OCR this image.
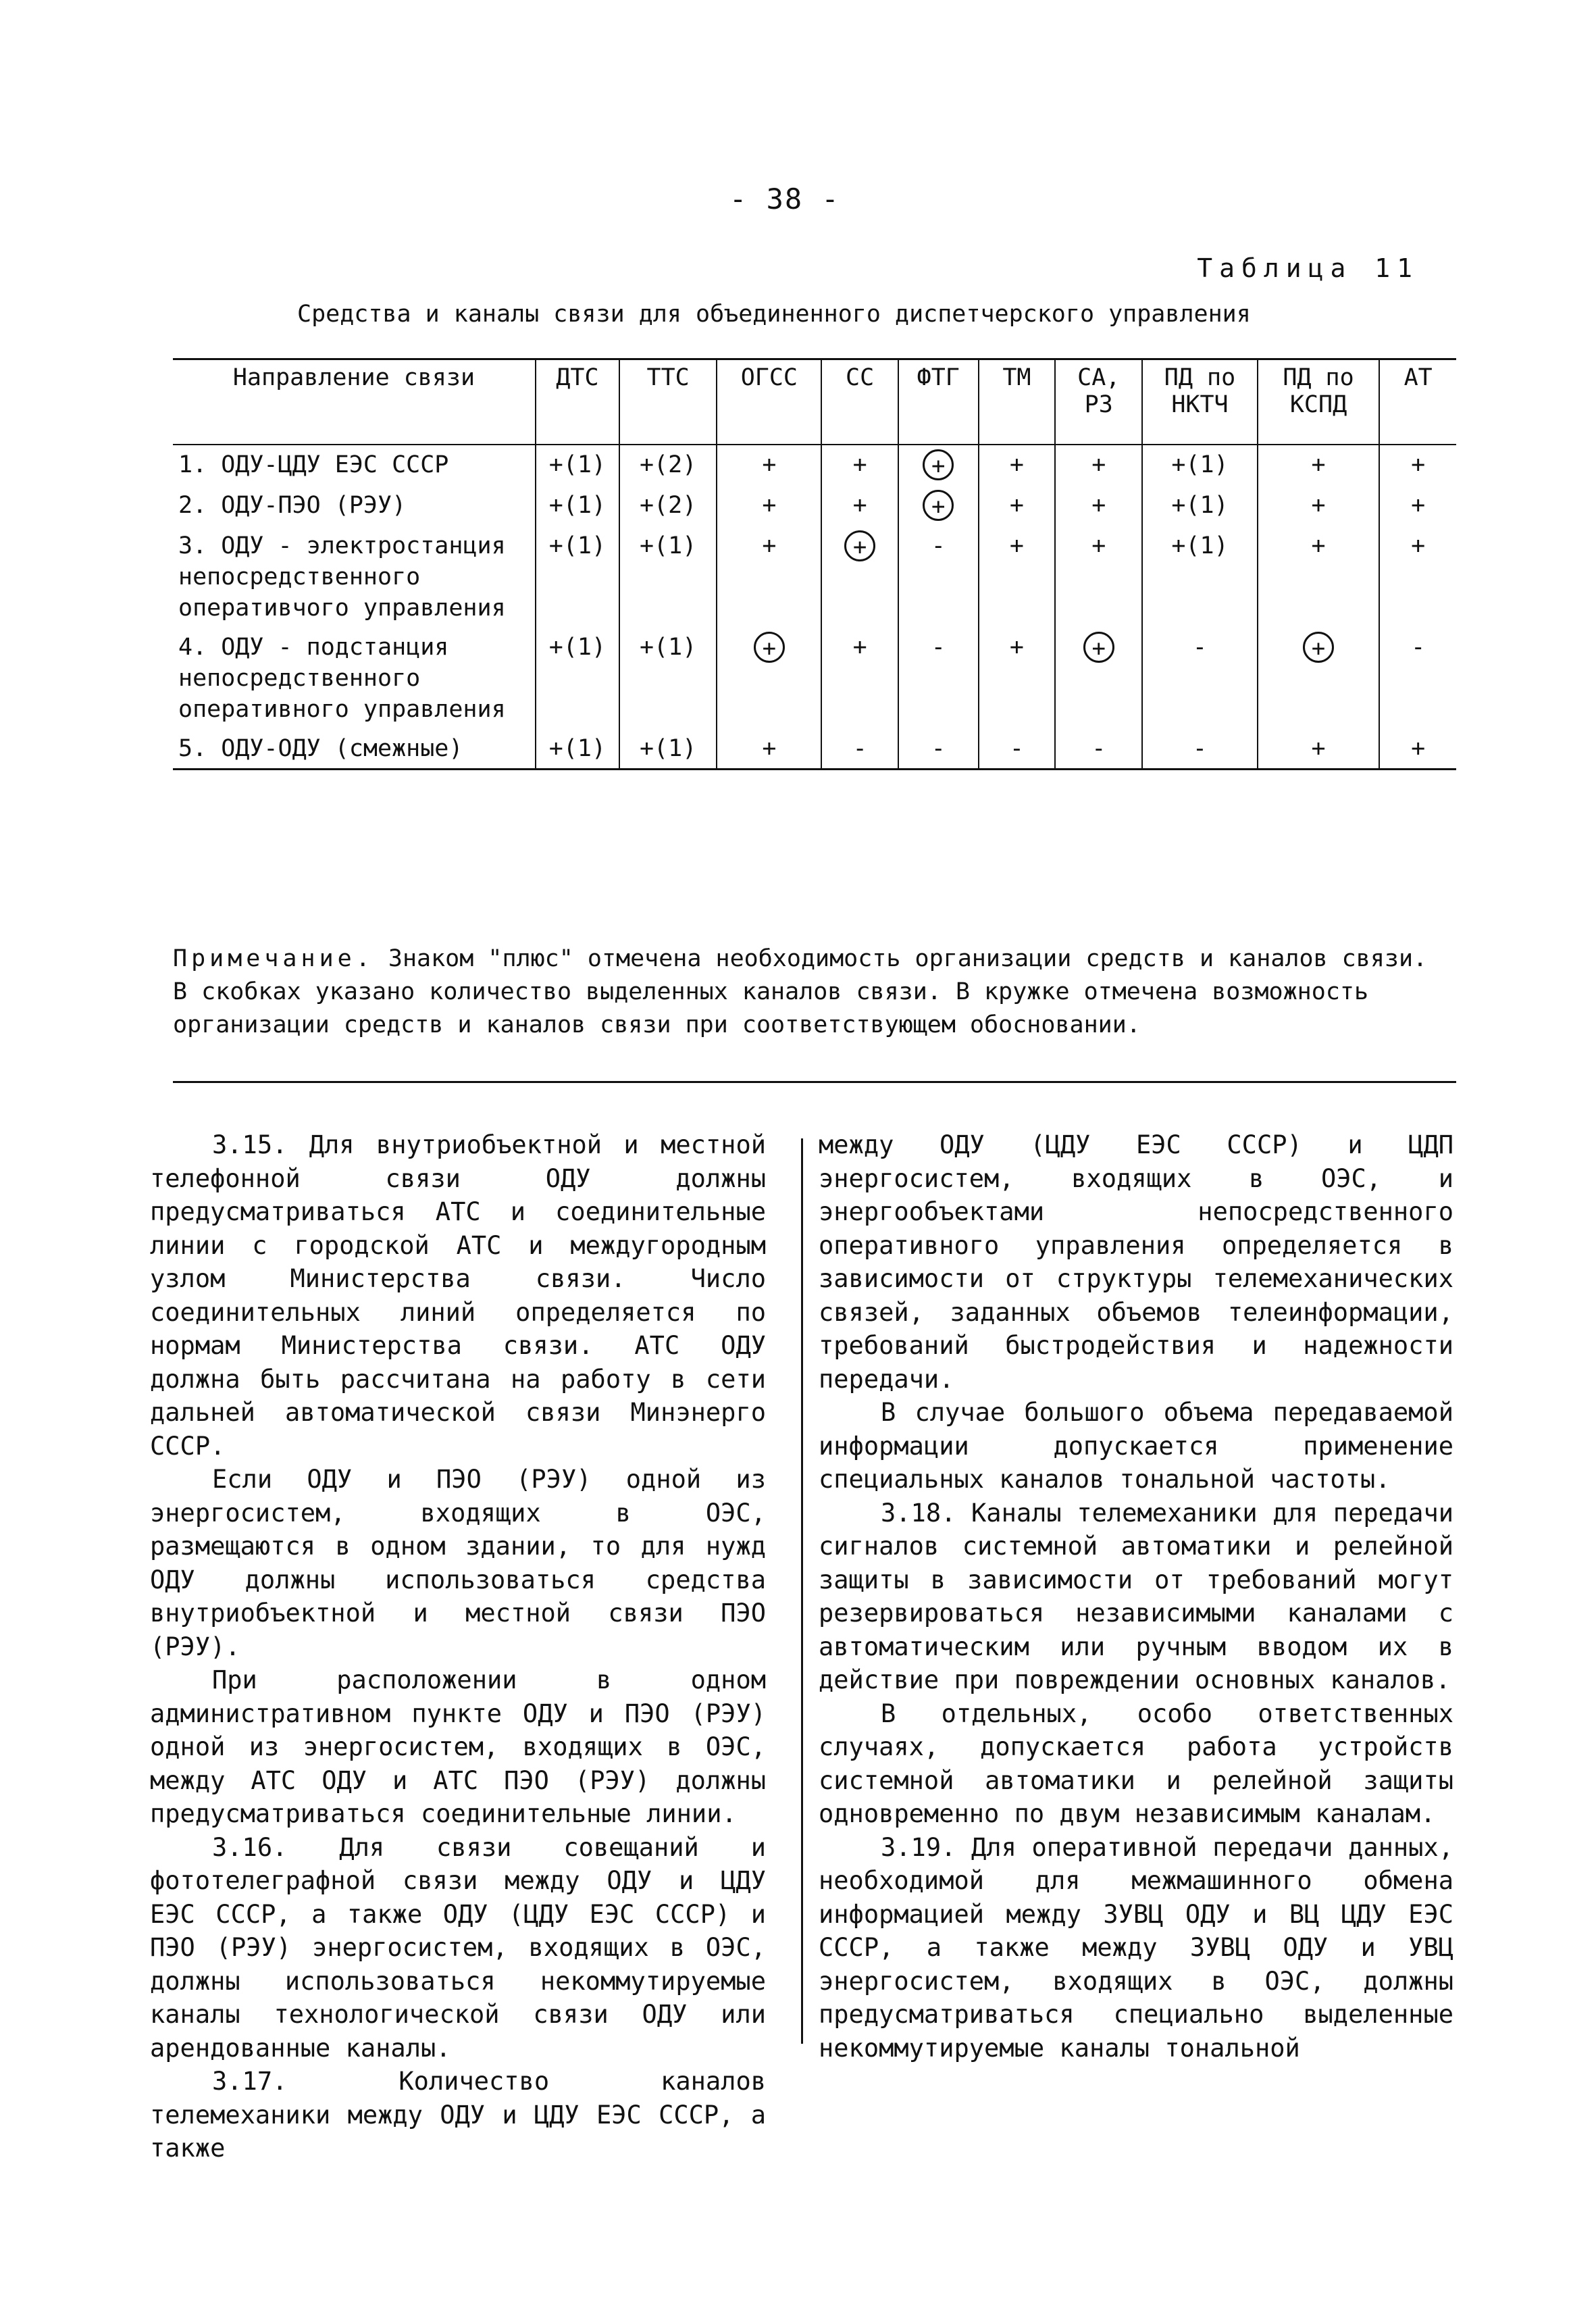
- 38 -
Таблица 11
Средства и каналы связи для объединенного диспетчерского управления
Направление связи	ДТС	ТТС	ОГСС	СС	ФТГ	ТМ	СА, РЗ	ПД по НКТЧ	ПД по КСПД	АТ
1. ОДУ-ЦДУ ЕЭС СССР	+(1)	+(2)	+	+	+	+	+	+(1)	+	+
2. ОДУ-ПЭО (РЭУ)	+(1)	+(2)	+	+	+	+	+	+(1)	+	+
3. ОДУ - электростанция непосредственного оперативчого управления	+(1)	+(1)	+	+	-	+	+	+(1)	+	+
4. ОДУ - подстанция непосредственного оперативного управления	+(1)	+(1)	+	+	-	+	+	-	+	-
5. ОДУ-ОДУ (смежные)	+(1)	+(1)	+	-	-	-	-	-	+	+
Примечание. Знаком "плюс" отмечена необходимость организации средств и каналов связи. В скобках указано количество выделенных каналов связи. В кружке отмечена возможность организации средств и каналов связи при соответствующем обосновании.

3.15. Для внутриобъектной и местной телефонной связи ОДУ должны предусматриваться АТС и соединительные линии с городской АТС и междугородным узлом Министерства связи. Число соединительных линий определяется по нормам Министерства связи. АТС ОДУ должна быть рассчитана на работу в сети дальней автоматической связи Минэнерго СССР.

Если ОДУ и ПЭО (РЭУ) одной из энергосистем, входящих в ОЭС, размещаются в одном здании, то для нужд ОДУ должны использоваться средства внутриобъектной и местной связи ПЭО (РЭУ).

При расположении в одном административном пункте ОДУ и ПЭО (РЭУ) одной из энергосистем, входящих в ОЭС, между АТС ОДУ и АТС ПЭО (РЭУ) должны предусматриваться соединительные линии.

3.16. Для связи совещаний и фототелеграфной связи между ОДУ и ЦДУ ЕЭС СССР, а также ОДУ (ЦДУ ЕЭС СССР) и ПЭО (РЭУ) энергосистем, входящих в ОЭС, должны использоваться некоммутируемые каналы технологической связи ОДУ или арендованные каналы.

3.17. Количество каналов телемеханики между ОДУ и ЦДУ ЕЭС СССР, а также

между ОДУ (ЦДУ ЕЭС СССР) и ЦДП энергосистем, входящих в ОЭС, и энергообъектами непосредственного оперативного управления определяется в зависимости от структуры телемеханических связей, заданных объемов телеинформации, требований быстродействия и надежности передачи.

В случае большого объема передаваемой информации допускается применение специальных каналов тональной частоты.

3.18. Каналы телемеханики для передачи сигналов системной автоматики и релейной защиты в зависимости от требований могут резервироваться независимыми каналами с автоматическим или ручным вводом их в действие при повреждении основных каналов.

В отдельных, особо ответственных случаях, допускается работа устройств системной автоматики и релейной защиты одновременно по двум независимым каналам.

3.19. Для оперативной передачи данных, необходимой для межмашинного обмена информацией между ЗУВЦ ОДУ и ВЦ ЦДУ ЕЭС СССР, а также между ЗУВЦ ОДУ и УВЦ энергосистем, входящих в ОЭС, должны предусматриваться специально выделенные некоммутируемые каналы тональной
